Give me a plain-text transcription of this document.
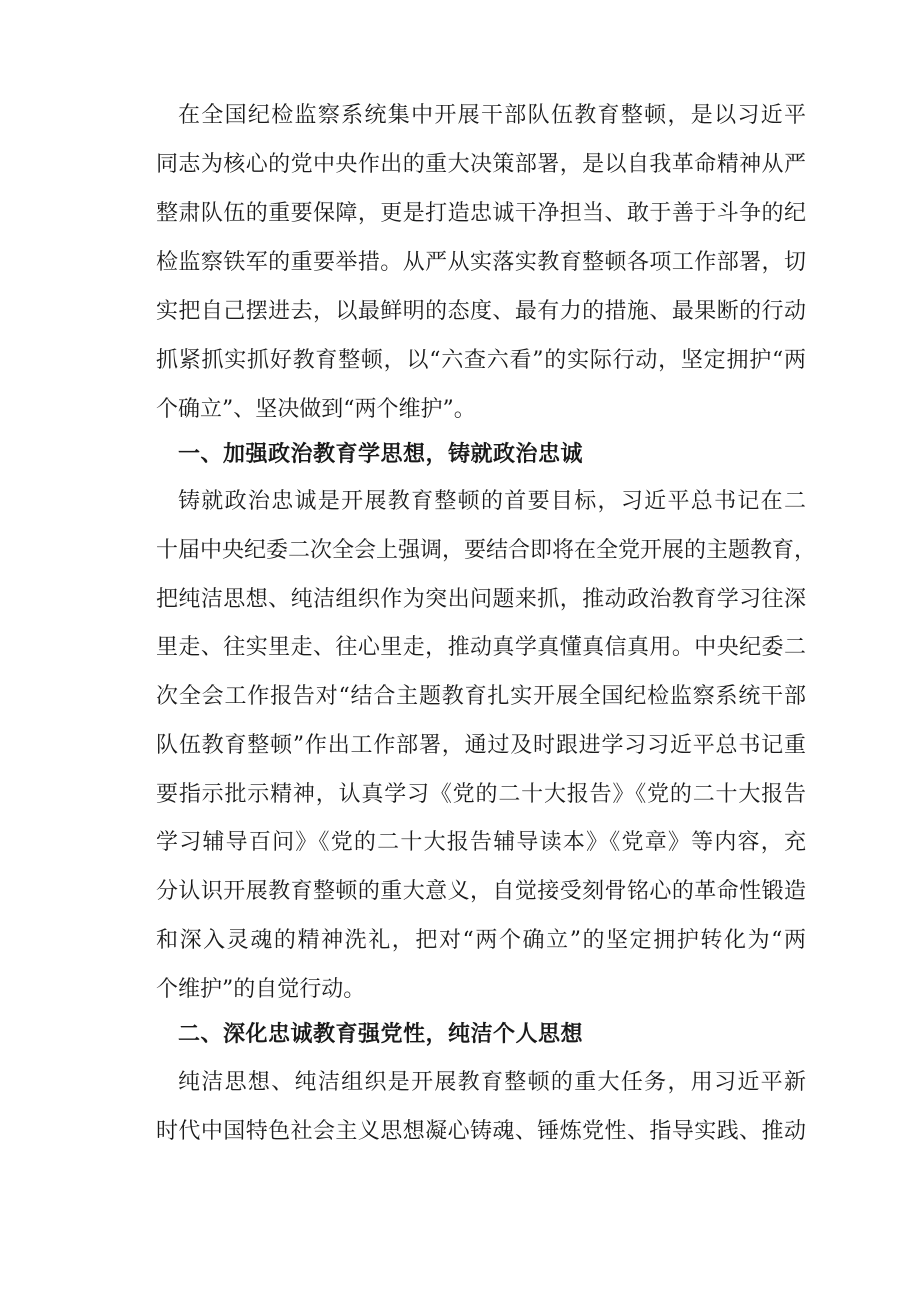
在全国纪检监察系统集中开展干部队伍教育整顿，是以习近平
同志为核心的党中央作出的重大决策部署，是以自我革命精神从严
整肃队伍的重要保障，更是打造忠诚干净担当、敢于善于斗争的纪
检监察铁军的重要举措。从严从实落实教育整顿各项工作部署，切
实把自己摆进去，以最鲜明的态度、最有力的措施、最果断的行动
抓紧抓实抓好教育整顿，以“六查六看”的实际行动，坚定拥护“两
个确立”、坚决做到“两个维护”。
一、加强政治教育学思想，铸就政治忠诚
铸就政治忠诚是开展教育整顿的首要目标，习近平总书记在二
十届中央纪委二次全会上强调，要结合即将在全党开展的主题教育，
把纯洁思想、纯洁组织作为突出问题来抓，推动政治教育学习往深
里走、往实里走、往心里走，推动真学真懂真信真用。中央纪委二
次全会工作报告对“结合主题教育扎实开展全国纪检监察系统干部
队伍教育整顿”作出工作部署，通过及时跟进学习习近平总书记重
要指示批示精神，认真学习《党的二十大报告》《党的二十大报告
学习辅导百问》《党的二十大报告辅导读本》《党章》等内容，充
分认识开展教育整顿的重大意义，自觉接受刻骨铭心的革命性锻造
和深入灵魂的精神洗礼，把对“两个确立”的坚定拥护转化为“两
个维护”的自觉行动。
二、深化忠诚教育强党性，纯洁个人思想
纯洁思想、纯洁组织是开展教育整顿的重大任务，用习近平新
时代中国特色社会主义思想凝心铸魂、锤炼党性、指导实践、推动
